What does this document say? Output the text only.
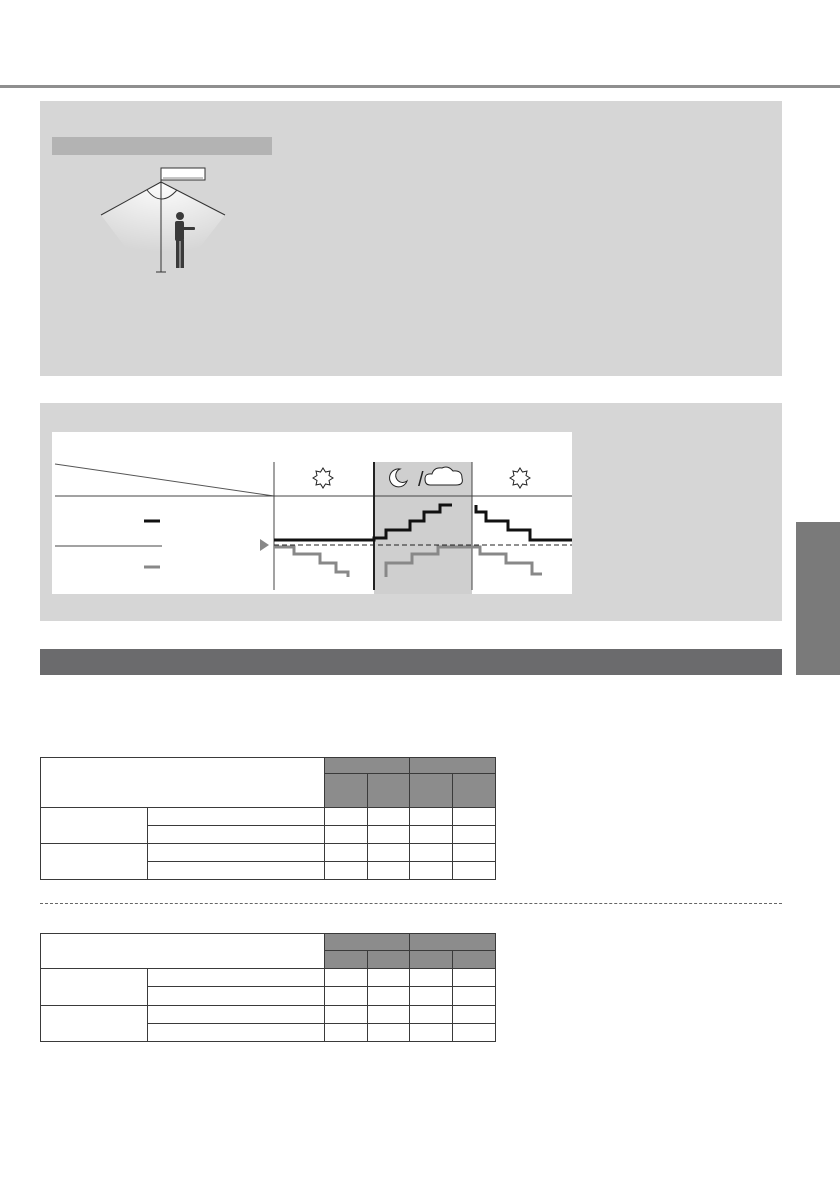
/
